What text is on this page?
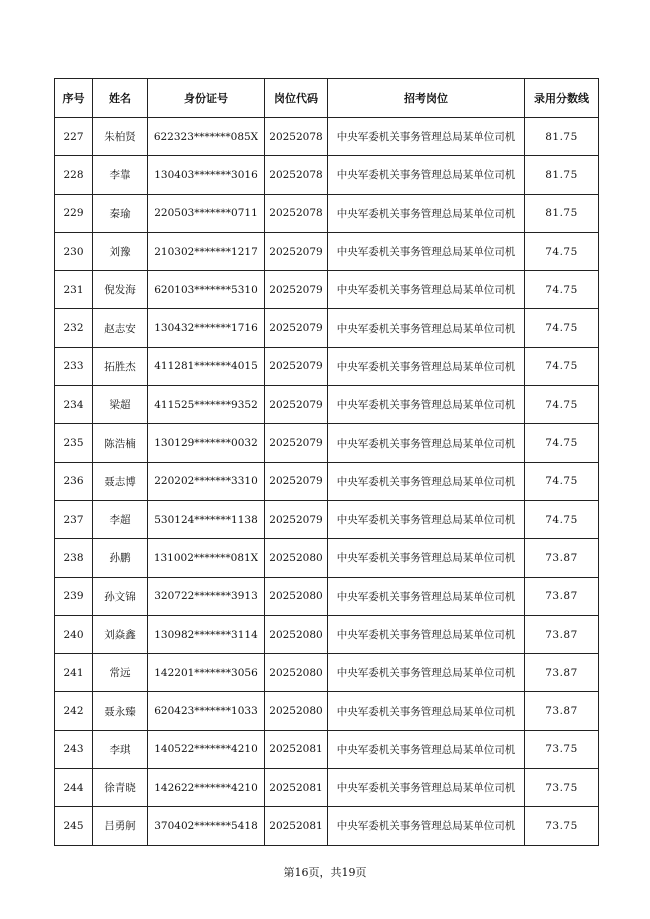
序号	姓名	身份证号	岗位代码	招考岗位	录用分数线
227	朱柏贤	622323*******085X	20252078	中央军委机关事务管理总局某单位司机	81.75
228	李靠	130403*******3016	20252078	中央军委机关事务管理总局某单位司机	81.75
229	秦瑜	220503*******0711	20252078	中央军委机关事务管理总局某单位司机	81.75
230	刘豫	210302*******1217	20252079	中央军委机关事务管理总局某单位司机	74.75
231	倪发海	620103*******5310	20252079	中央军委机关事务管理总局某单位司机	74.75
232	赵志安	130432*******1716	20252079	中央军委机关事务管理总局某单位司机	74.75
233	拓胜杰	411281*******4015	20252079	中央军委机关事务管理总局某单位司机	74.75
234	梁超	411525*******9352	20252079	中央军委机关事务管理总局某单位司机	74.75
235	陈浩楠	130129*******0032	20252079	中央军委机关事务管理总局某单位司机	74.75
236	聂志博	220202*******3310	20252079	中央军委机关事务管理总局某单位司机	74.75
237	李超	530124*******1138	20252079	中央军委机关事务管理总局某单位司机	74.75
238	孙鹏	131002*******081X	20252080	中央军委机关事务管理总局某单位司机	73.87
239	孙文锦	320722*******3913	20252080	中央军委机关事务管理总局某单位司机	73.87
240	刘焱鑫	130982*******3114	20252080	中央军委机关事务管理总局某单位司机	73.87
241	常远	142201*******3056	20252080	中央军委机关事务管理总局某单位司机	73.87
242	聂永臻	620423*******1033	20252080	中央军委机关事务管理总局某单位司机	73.87
243	李琪	140522*******4210	20252081	中央军委机关事务管理总局某单位司机	73.75
244	徐青晓	142622*******4210	20252081	中央军委机关事务管理总局某单位司机	73.75
245	吕勇舸	370402*******5418	20252081	中央军委机关事务管理总局某单位司机	73.75
第16页，共19页
